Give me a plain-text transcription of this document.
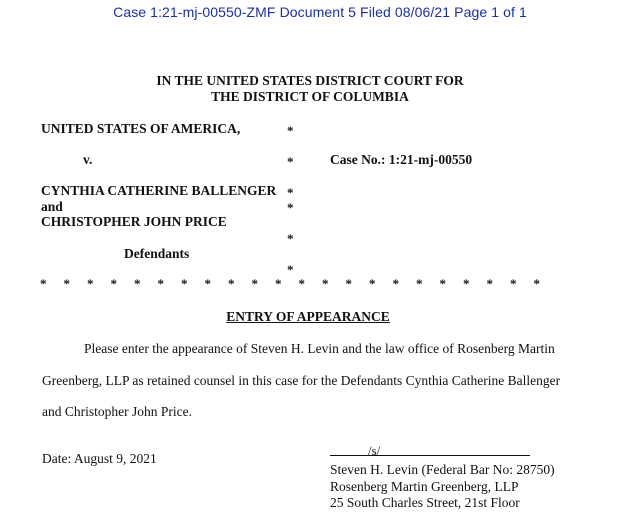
Case 1:21-mj-00550-ZMF Document 5 Filed 08/06/21 Page 1 of 1
IN THE UNITED STATES DISTRICT COURT FOR
THE DISTRICT OF COLUMBIA
UNITED STATES OF AMERICA,	*
v.	*	Case No.: 1:21-mj-00550
CYNTHIA CATHERINE BALLENGER *
and	*
CHRISTOPHER JOHN PRICE
*
Defendants
*
* * * * * * * * * * * * * * * * * * * * * *
ENTRY OF APPEARANCE
Please enter the appearance of Steven H. Levin and the law office of Rosenberg Martin
Greenberg, LLP as retained counsel in this case for the Defendants Cynthia Catherine Ballenger
and Christopher John Price.
Date: August 9, 2021
/s/
Steven H. Levin (Federal Bar No: 28750)
Rosenberg Martin Greenberg, LLP
25 South Charles Street, 21st Floor
